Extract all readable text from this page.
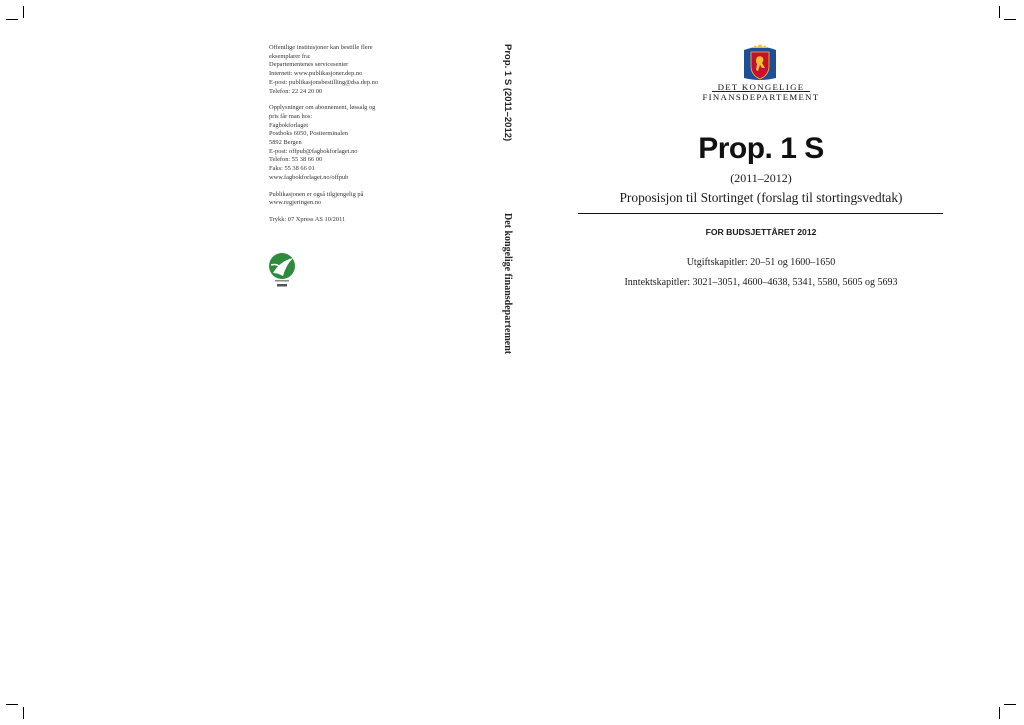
Offentlige institusjoner kan bestille flere
eksemplarer fra:
Departementenes servicesenter
Internett: www.publikasjoner.dep.no
E-post: publikasjonsbestilling@dss.dep.no
Telefon: 22 24 20 00
Opplysninger om abonnement, løssalg og
pris får man hos:
Fagbokforlaget
Postboks 6050, Postterminalen
5892 Bergen
E-post: offpub@fagbokforlaget.no
Telefon: 55 38 66 00
Faks: 55 38 66 01
www.fagbokforlaget.no/offpub
Publikasjonen er også tilgjengelig på
www.regjeringen.no
Trykk: 07 Xpress AS 10/2011
Prop. 1 S (2011–2012)
Det kongelige finansdepartement
DET KONGELIGE
FINANSDEPARTEMENT
Prop. 1 S
(2011–2012)
Proposisjon til Stortinget (forslag til stortingsvedtak)
FOR BUDSJETTÅRET 2012
Utgiftskapitler: 20–51 og 1600–1650
Inntektskapitler: 3021–3051, 4600–4638, 5341, 5580, 5605 og 5693
